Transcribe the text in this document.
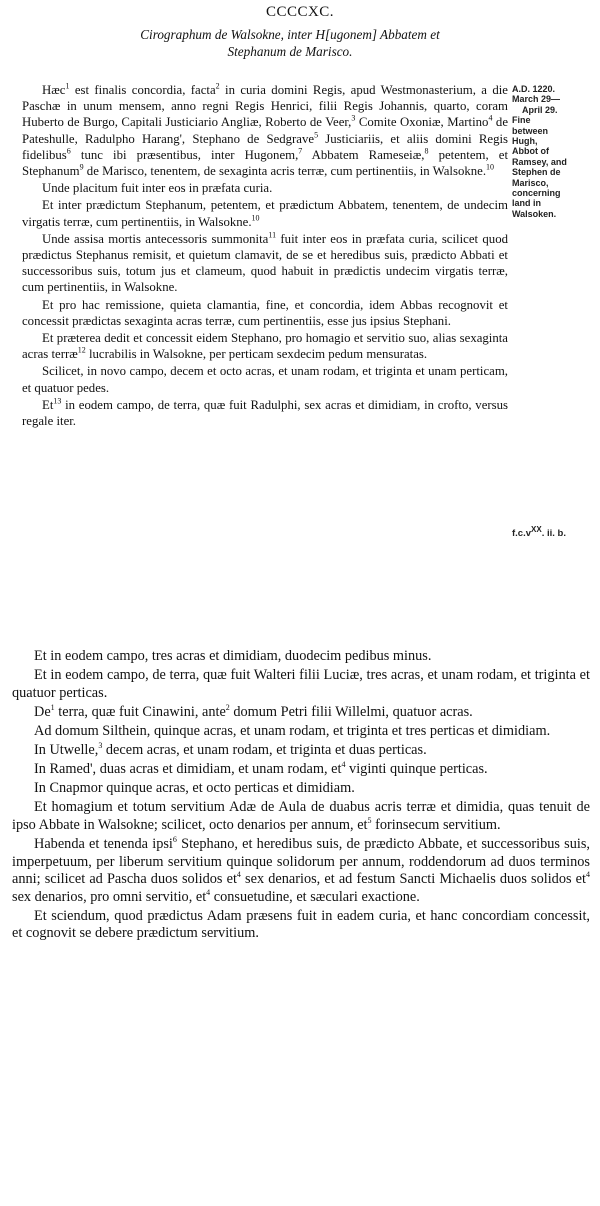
CCCCXC.
Cirographum de Walsokne, inter H[ugonem] Abbatem et
Stephanum de Marisco.

Hæc$^1$ est finalis concordia, facta$^2$ in curia domini Regis, apud Westmonasterium, a die Paschæ in unum mensem, anno regni Regis Henrici, filii Regis Johannis, quarto, coram Huberto de Burgo, Capitali Justiciario Angliæ, Roberto de Veer,$^3$ Comite Oxoniæ, Martino$^4$ de Pateshulle, Radulpho Harang', Stephano de Sedgrave$^5$ Justiciariis, et aliis domini Regis fidelibus$^6$ tunc ibi præsentibus, inter Hugonem,$^7$ Abbatem Rameseiæ,$^8$ petentem, et Stephanum$^9$ de Marisco, tenentem, de sexaginta acris terræ, cum pertinentiis, in Walsokne.$^{10}$

Unde placitum fuit inter eos in præfata curia.

Et inter prædictum Stephanum, petentem, et prædictum Abbatem, tenentem, de undecim virgatis terræ, cum pertinentiis, in Walsokne.$^{10}$

Unde assisa mortis antecessoris summonita$^{11}$ fuit inter eos in præfata curia, scilicet quod prædictus Stephanus remisit, et quietum clamavit, de se et heredibus suis, prædicto Abbati et successoribus suis, totum jus et clameum, quod habuit in prædictis undecim virgatis terræ, cum pertinentiis, in Walsokne.

Et pro hac remissione, quieta clamantia, fine, et concordia, idem Abbas recognovit et concessit prædictas sexaginta acras terræ, cum pertinentiis, esse jus ipsius Stephani.

Et præterea dedit et concessit eidem Stephano, pro homagio et servitio suo, alias sexaginta acras terræ$^{12}$ lucrabilis in Walsokne, per perticam sexdecim pedum mensuratas.

Scilicet, in novo campo, decem et octo acras, et unam rodam, et triginta et unam perticam, et quatuor pedes.

Et$^{13}$ in eodem campo, de terra, quæ fuit Radulphi, sex acras et dimidiam, in crofto, versus regale iter.

A.D. 1220.
March 29—
April 29.
Fine
between
Hugh,
Abbot of
Ramsey, and
Stephen de
Marisco,
concerning
land in
Walsoken.
$f.c.v^{XX}$. ii. b.

Et in eodem campo, tres acras et dimidiam, duodecim pedibus minus.

Et in eodem campo, de terra, quæ fuit Walteri filii Luciæ, tres acras, et unam rodam, et triginta et quatuor perticas.

De$^1$ terra, quæ fuit Cinawini, ante$^2$ domum Petri filii Willelmi, quatuor acras.

Ad domum Silthein, quinque acras, et unam rodam, et triginta et tres perticas et dimidiam.

In Utwelle,$^3$ decem acras, et unam rodam, et triginta et duas perticas.

In Ramed', duas acras et dimidiam, et unam rodam, $et^4$ viginti quinque perticas.

In Cnapmor quinque acras, et octo perticas et dimidiam.

Et homagium et totum servitium Adæ de Aula de duabus acris terræ et dimidia, quas tenuit de ipso Abbate in Walsokne; scilicet, octo denarios per annum, $et^5$ forinsecum servitium.

Habenda et tenenda ipsi$^6$ Stephano, et heredibus suis, de prædicto Abbate, et successoribus suis, imperpetuum, per liberum servitium quinque solidorum per annum, roddendorum ad duos terminos anni; scilicet ad Pascha duos solidos $et^4$ sex denarios, et ad festum Sancti Michaelis duos solidos $et^4$ sex denarios, pro omni servitio, $et^4$ consuetudine, et sæculari exactione.

Et sciendum, quod prædictus Adam præsens fuit in eadem curia, et hanc concordiam concessit, et cognovit se debere prædictum servitium.
